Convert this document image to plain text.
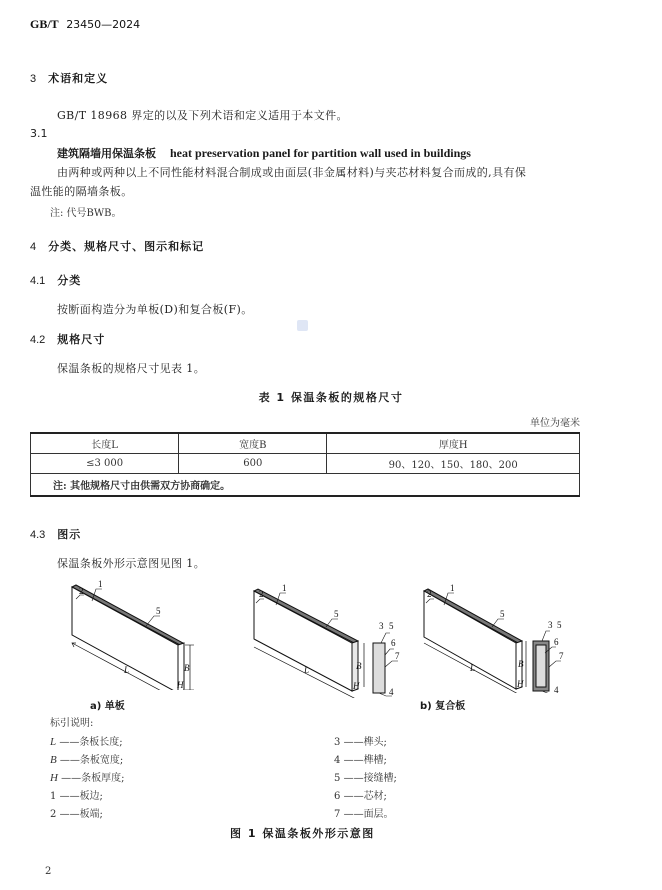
GB/T 23450—2024
3 术语和定义
GB/T 18968 界定的以及下列术语和定义适用于本文件。
3.1
建筑隔墙用保温条板 heat preservation panel for partition wall used in buildings
由两种或两种以上不同性能材料混合制成或由面层(非金属材料)与夹芯材料复合而成的,具有保
温性能的隔墙条板。
注: 代号BWB。
4 分类、规格尺寸、图示和标记
4.1 分类
按断面构造分为单板(D)和复合板(F)。
4.2 规格尺寸
保温条板的规格尺寸见表 1。
表 1 保温条板的规格尺寸
单位为毫米
长度L	宽度B	厚度H
≤3 000	600	90、120、150、180、200
注: 其他规格尺寸由供需双方协商确定。		
4.3 图示
保温条板外形示意图见图 1。
1
2
5
L	B
H
a) 单板
1
2
5
3 5
6
7
4
L	B
H
1
2
5
3 5
6
7
4
L	B
H
b) 复合板
标引说明:
L ——条板长度;
B ——条板宽度;
H ——条板厚度;
1 ——板边;
2 ——板端;
3 ——榫头;
4 ——榫槽;
5 ——接缝槽;
6 ——芯材;
7 ——面层。
图 1 保温条板外形示意图
2
